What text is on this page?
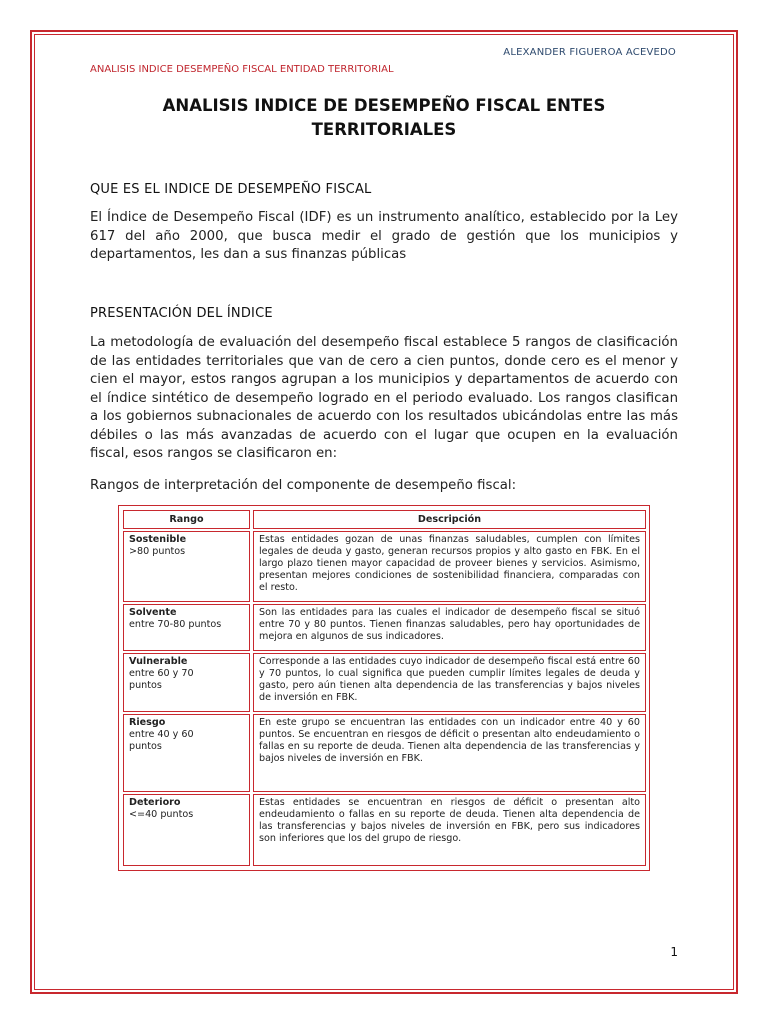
ALEXANDER FIGUEROA ACEVEDO
ANALISIS INDICE DESEMPEÑO FISCAL ENTIDAD TERRITORIAL
ANALISIS INDICE DE DESEMPEÑO FISCAL ENTES TERRITORIALES
QUE ES EL INDICE DE DESEMPEÑO FISCAL
El Índice de Desempeño Fiscal (IDF) es un instrumento analítico, establecido por la Ley 617 del año 2000, que busca medir el grado de gestión que los municipios y departamentos, les dan a sus finanzas públicas
PRESENTACIÓN DEL ÍNDICE
La metodología de evaluación del desempeño fiscal establece 5 rangos de clasificación de las entidades territoriales que van de cero a cien puntos, donde cero es el menor y cien el mayor, estos rangos agrupan a los municipios y departamentos de acuerdo con el índice sintético de desempeño logrado en el periodo evaluado. Los rangos clasifican a los gobiernos subnacionales de acuerdo con los resultados ubicándolas entre las más débiles o las más avanzadas de acuerdo con el lugar que ocupen en la evaluación fiscal, esos rangos se clasificaron en:
Rangos de interpretación del componente de desempeño fiscal:
Rango	Descripción
Sostenible
>80 puntos
Estas entidades gozan de unas finanzas saludables, cumplen con límites legales de deuda y gasto, generan recursos propios y alto gasto en FBK. En el largo plazo tienen mayor capacidad de proveer bienes y servicios. Asimismo, presentan mejores condiciones de sostenibilidad financiera, comparadas con el resto.
Solvente
entre 70-80 puntos
Son las entidades para las cuales el indicador de desempeño fiscal se situó entre 70 y 80 puntos. Tienen finanzas saludables, pero hay oportunidades de mejora en algunos de sus indicadores.
Vulnerable
entre 60 y 70 puntos
Corresponde a las entidades cuyo indicador de desempeño fiscal está entre 60 y 70 puntos, lo cual significa que pueden cumplir límites legales de deuda y gasto, pero aún tienen alta dependencia de las transferencias y bajos niveles de inversión en FBK.
Riesgo
entre 40 y 60 puntos
En este grupo se encuentran las entidades con un indicador entre 40 y 60 puntos. Se encuentran en riesgos de déficit o presentan alto endeudamiento o fallas en su reporte de deuda. Tienen alta dependencia de las transferencias y bajos niveles de inversión en FBK.
Deterioro
<=40 puntos
Estas entidades se encuentran en riesgos de déficit o presentan alto endeudamiento o fallas en su reporte de deuda. Tienen alta dependencia de las transferencias y bajos niveles de inversión en FBK, pero sus indicadores son inferiores que los del grupo de riesgo.
1
